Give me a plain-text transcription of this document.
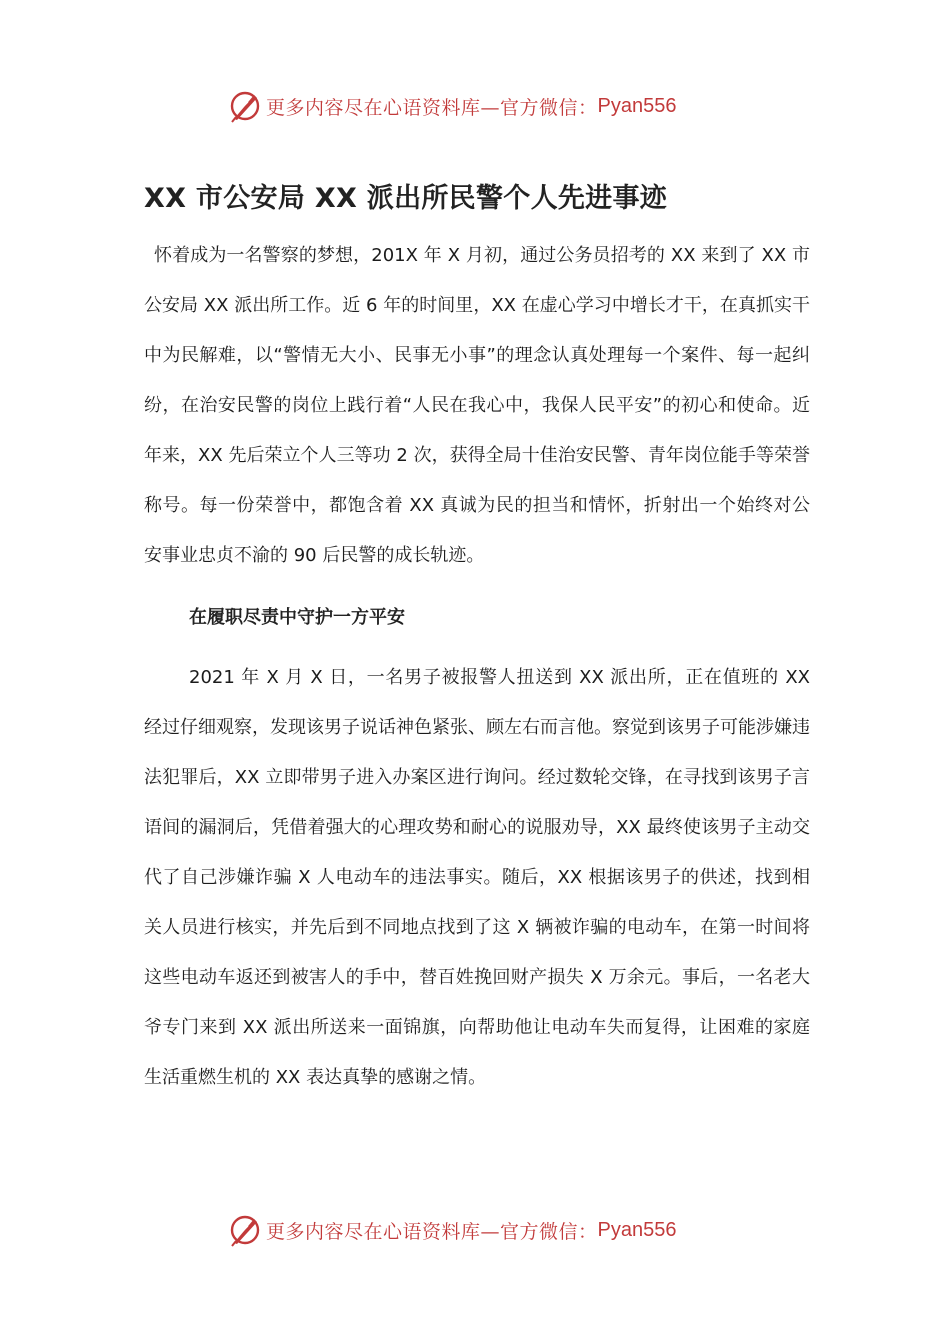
更多内容尽在心语资料库—官方微信： Pyan556
XX 市公安局 XX 派出所民警个人先进事迹

怀着成为一名警察的梦想，201X 年 X 月初，通过公务员招考的 XX 来到了 XX 市公安局 XX 派出所工作。近 6 年的时间里，XX 在虚心学习中增长才干，在真抓实干中为民解难，以“警情无大小、民事无小事”的理念认真处理每一个案件、每一起纠纷，在治安民警的岗位上践行着“人民在我心中，我保人民平安”的初心和使命。近年来，XX 先后荣立个人三等功 2 次，获得全局十佳治安民警、青年岗位能手等荣誉称号。每一份荣誉中，都饱含着 XX 真诚为民的担当和情怀，折射出一个始终对公安事业忠贞不渝的 90 后民警的成长轨迹。

在履职尽责中守护一方平安

2021 年 X 月 X 日，一名男子被报警人扭送到 XX 派出所，正在值班的 XX 经过仔细观察，发现该男子说话神色紧张、顾左右而言他。察觉到该男子可能涉嫌违法犯罪后，XX 立即带男子进入办案区进行询问。经过数轮交锋，在寻找到该男子言语间的漏洞后，凭借着强大的心理攻势和耐心的说服劝导，XX 最终使该男子主动交代了自己涉嫌诈骗 X 人电动车的违法事实。随后，XX 根据该男子的供述，找到相关人员进行核实，并先后到不同地点找到了这 X 辆被诈骗的电动车，在第一时间将这些电动车返还到被害人的手中，替百姓挽回财产损失 X 万余元。事后，一名老大爷专门来到 XX 派出所送来一面锦旗，向帮助他让电动车失而复得，让困难的家庭生活重燃生机的 XX 表达真挚的感谢之情。

更多内容尽在心语资料库—官方微信： Pyan556
